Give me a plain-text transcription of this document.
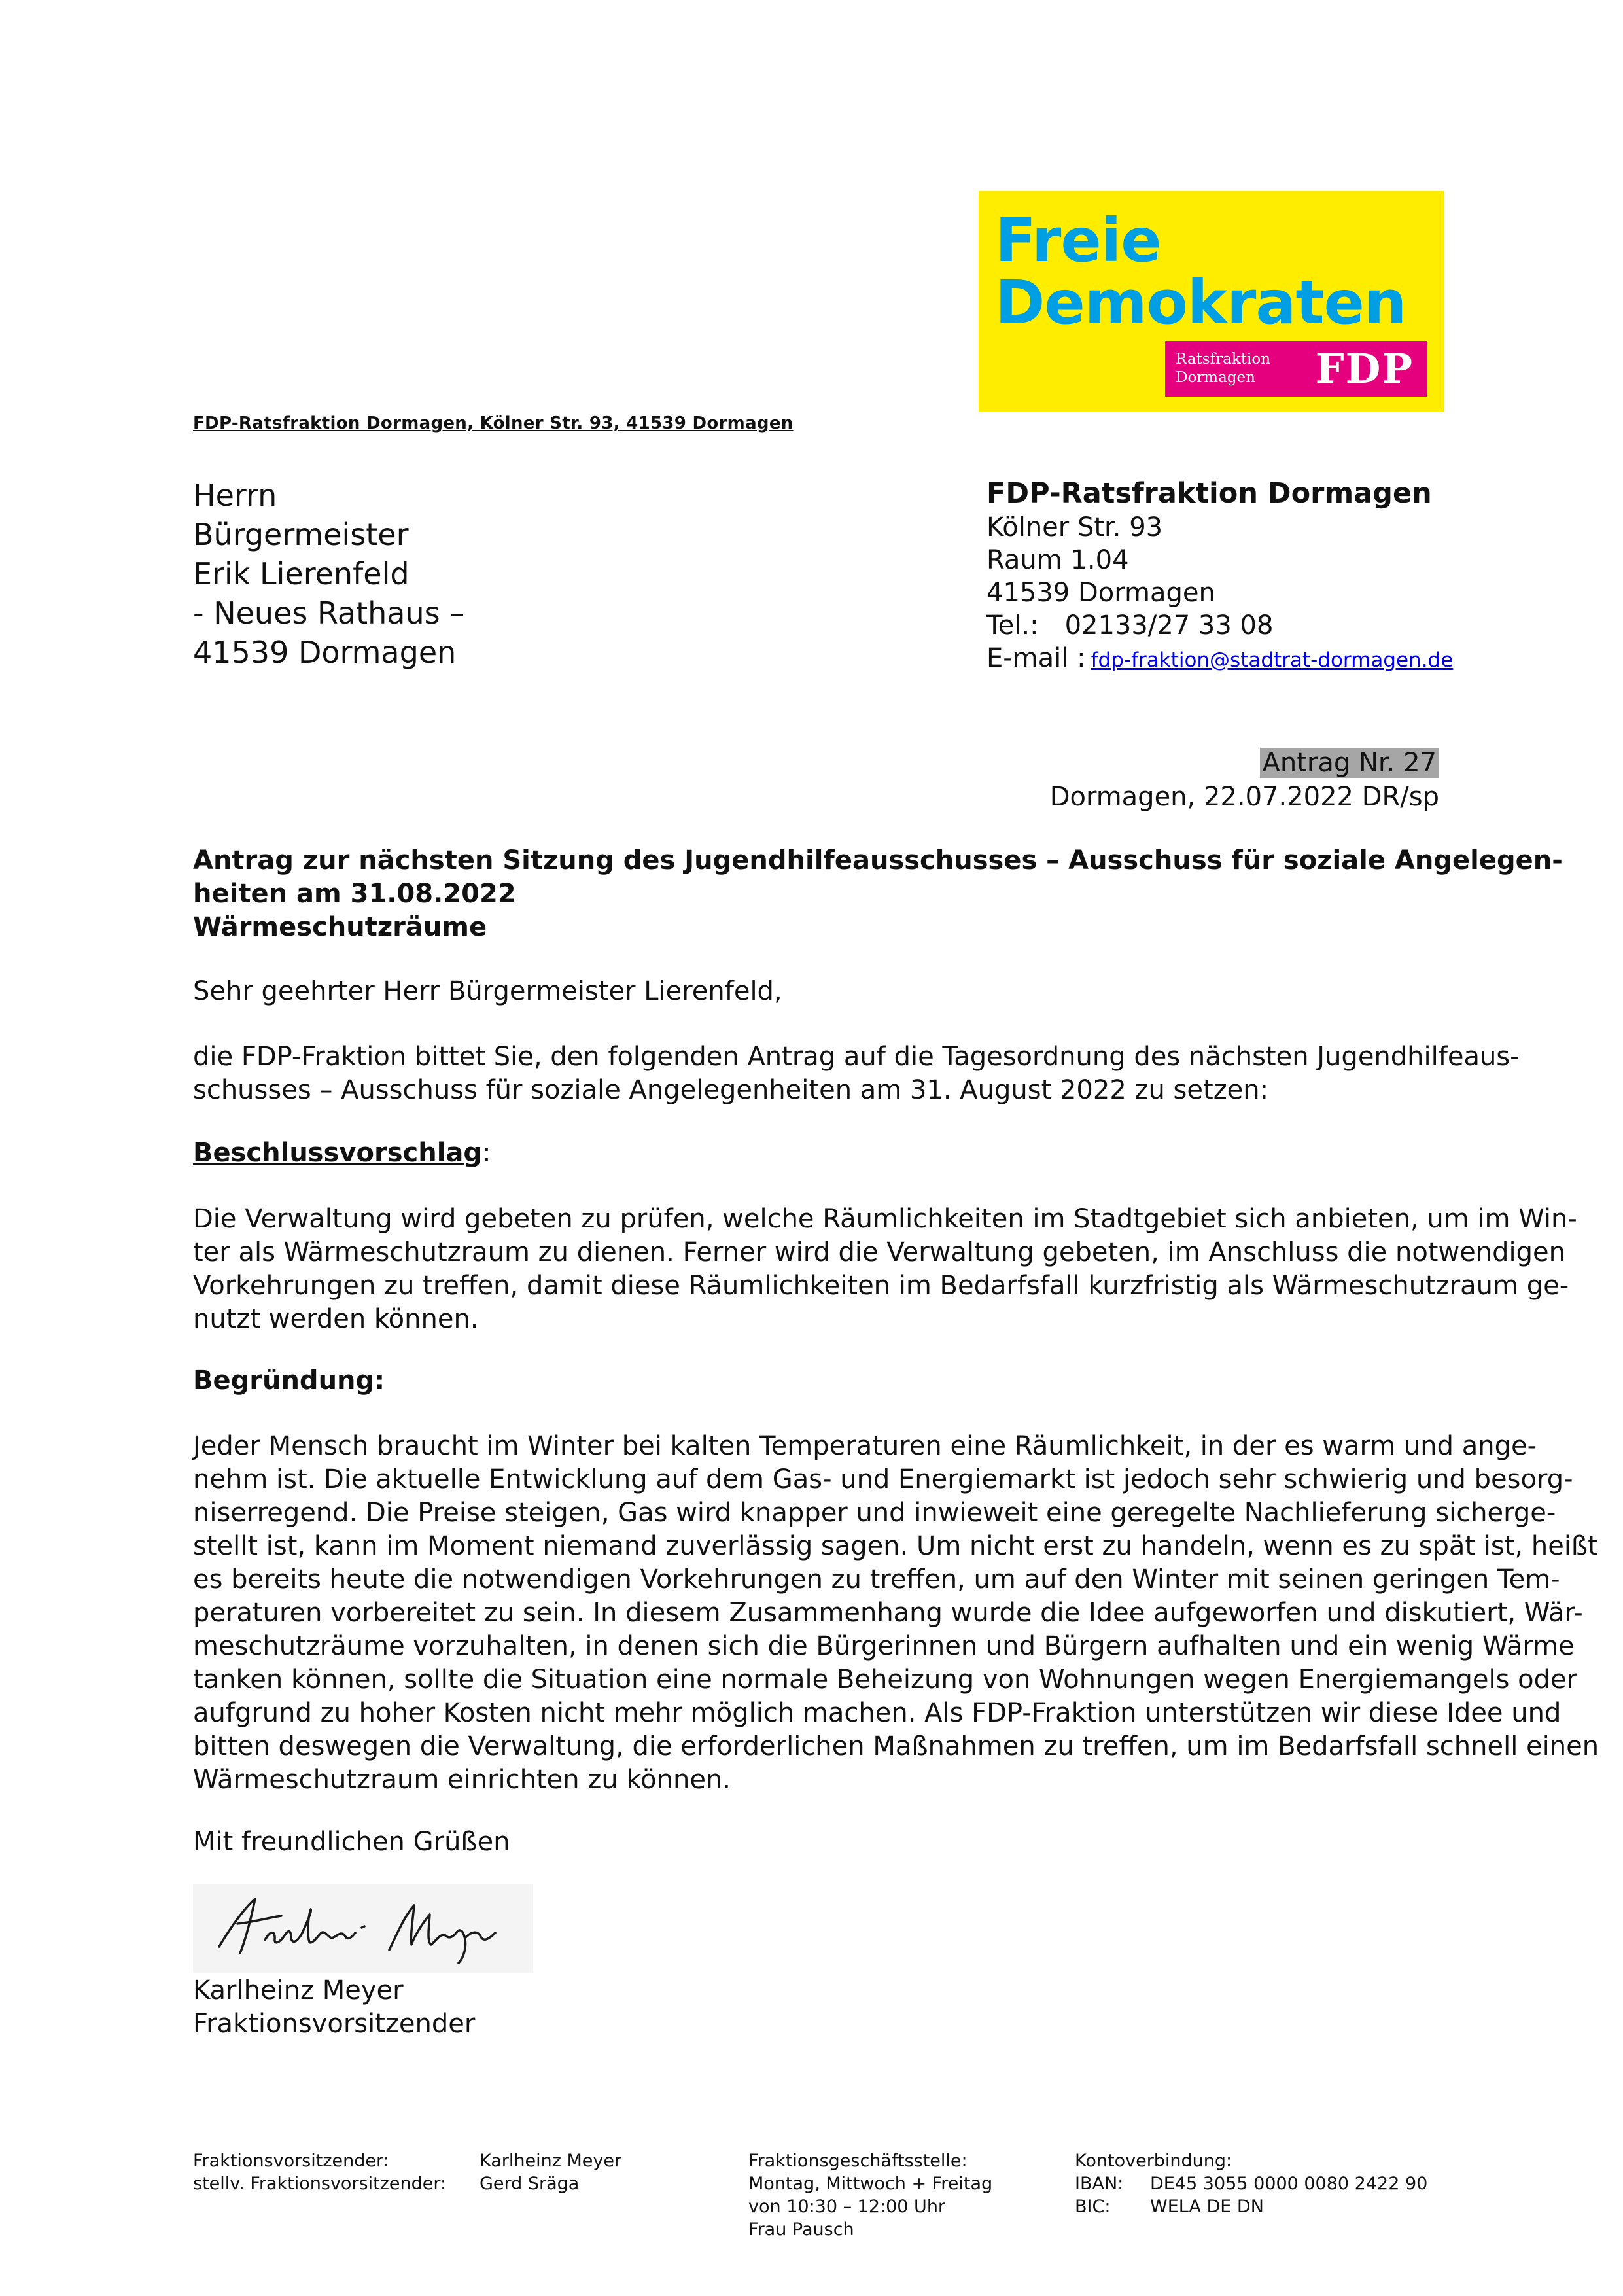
Freie
Demokraten
Ratsfraktion
Dormagen	FDP
FDP-Ratsfraktion Dormagen, Kölner Str. 93, 41539 Dormagen
Herrn
Bürgermeister
Erik Lierenfeld
- Neues Rathaus –
41539 Dormagen
FDP-Ratsfraktion Dormagen
Kölner Str. 93
Raum 1.04
41539 Dormagen
Tel.: 02133/27 33 08
E-mail : fdp-fraktion@stadtrat-dormagen.de
Antrag Nr. 27
Dormagen, 22.07.2022 DR/sp
Antrag zur nächsten Sitzung des Jugendhilfeausschusses – Ausschuss für soziale Angelegen-
heiten am 31.08.2022
Wärmeschutzräume
Sehr geehrter Herr Bürgermeister Lierenfeld,
die FDP-Fraktion bittet Sie, den folgenden Antrag auf die Tagesordnung des nächsten Jugendhilfeaus-
schusses – Ausschuss für soziale Angelegenheiten am 31. August 2022 zu setzen:
Beschlussvorschlag:
Die Verwaltung wird gebeten zu prüfen, welche Räumlichkeiten im Stadtgebiet sich anbieten, um im Win-
ter als Wärmeschutzraum zu dienen. Ferner wird die Verwaltung gebeten, im Anschluss die notwendigen
Vorkehrungen zu treffen, damit diese Räumlichkeiten im Bedarfsfall kurzfristig als Wärmeschutzraum ge-
nutzt werden können.
Begründung:
Jeder Mensch braucht im Winter bei kalten Temperaturen eine Räumlichkeit, in der es warm und ange-
nehm ist. Die aktuelle Entwicklung auf dem Gas- und Energiemarkt ist jedoch sehr schwierig und besorg-
niserregend. Die Preise steigen, Gas wird knapper und inwieweit eine geregelte Nachlieferung sicherge-
stellt ist, kann im Moment niemand zuverlässig sagen. Um nicht erst zu handeln, wenn es zu spät ist, heißt
es bereits heute die notwendigen Vorkehrungen zu treffen, um auf den Winter mit seinen geringen Tem-
peraturen vorbereitet zu sein. In diesem Zusammenhang wurde die Idee aufgeworfen und diskutiert, Wär-
meschutzräume vorzuhalten, in denen sich die Bürgerinnen und Bürgern aufhalten und ein wenig Wärme
tanken können, sollte die Situation eine normale Beheizung von Wohnungen wegen Energiemangels oder
aufgrund zu hoher Kosten nicht mehr möglich machen. Als FDP-Fraktion unterstützen wir diese Idee und
bitten deswegen die Verwaltung, die erforderlichen Maßnahmen zu treffen, um im Bedarfsfall schnell einen
Wärmeschutzraum einrichten zu können.
Mit freundlichen Grüßen
Karlheinz Meyer
Fraktionsvorsitzender
Fraktionsvorsitzender:
stellv. Fraktionsvorsitzender:
Karlheinz Meyer
Gerd Sräga
Fraktionsgeschäftsstelle:
Montag, Mittwoch + Freitag
von 10:30 – 12:00 Uhr
Frau Pausch
Kontoverbindung:
IBAN: DE45 3055 0000 0080 2422 90
BIC: WELA DE DN
